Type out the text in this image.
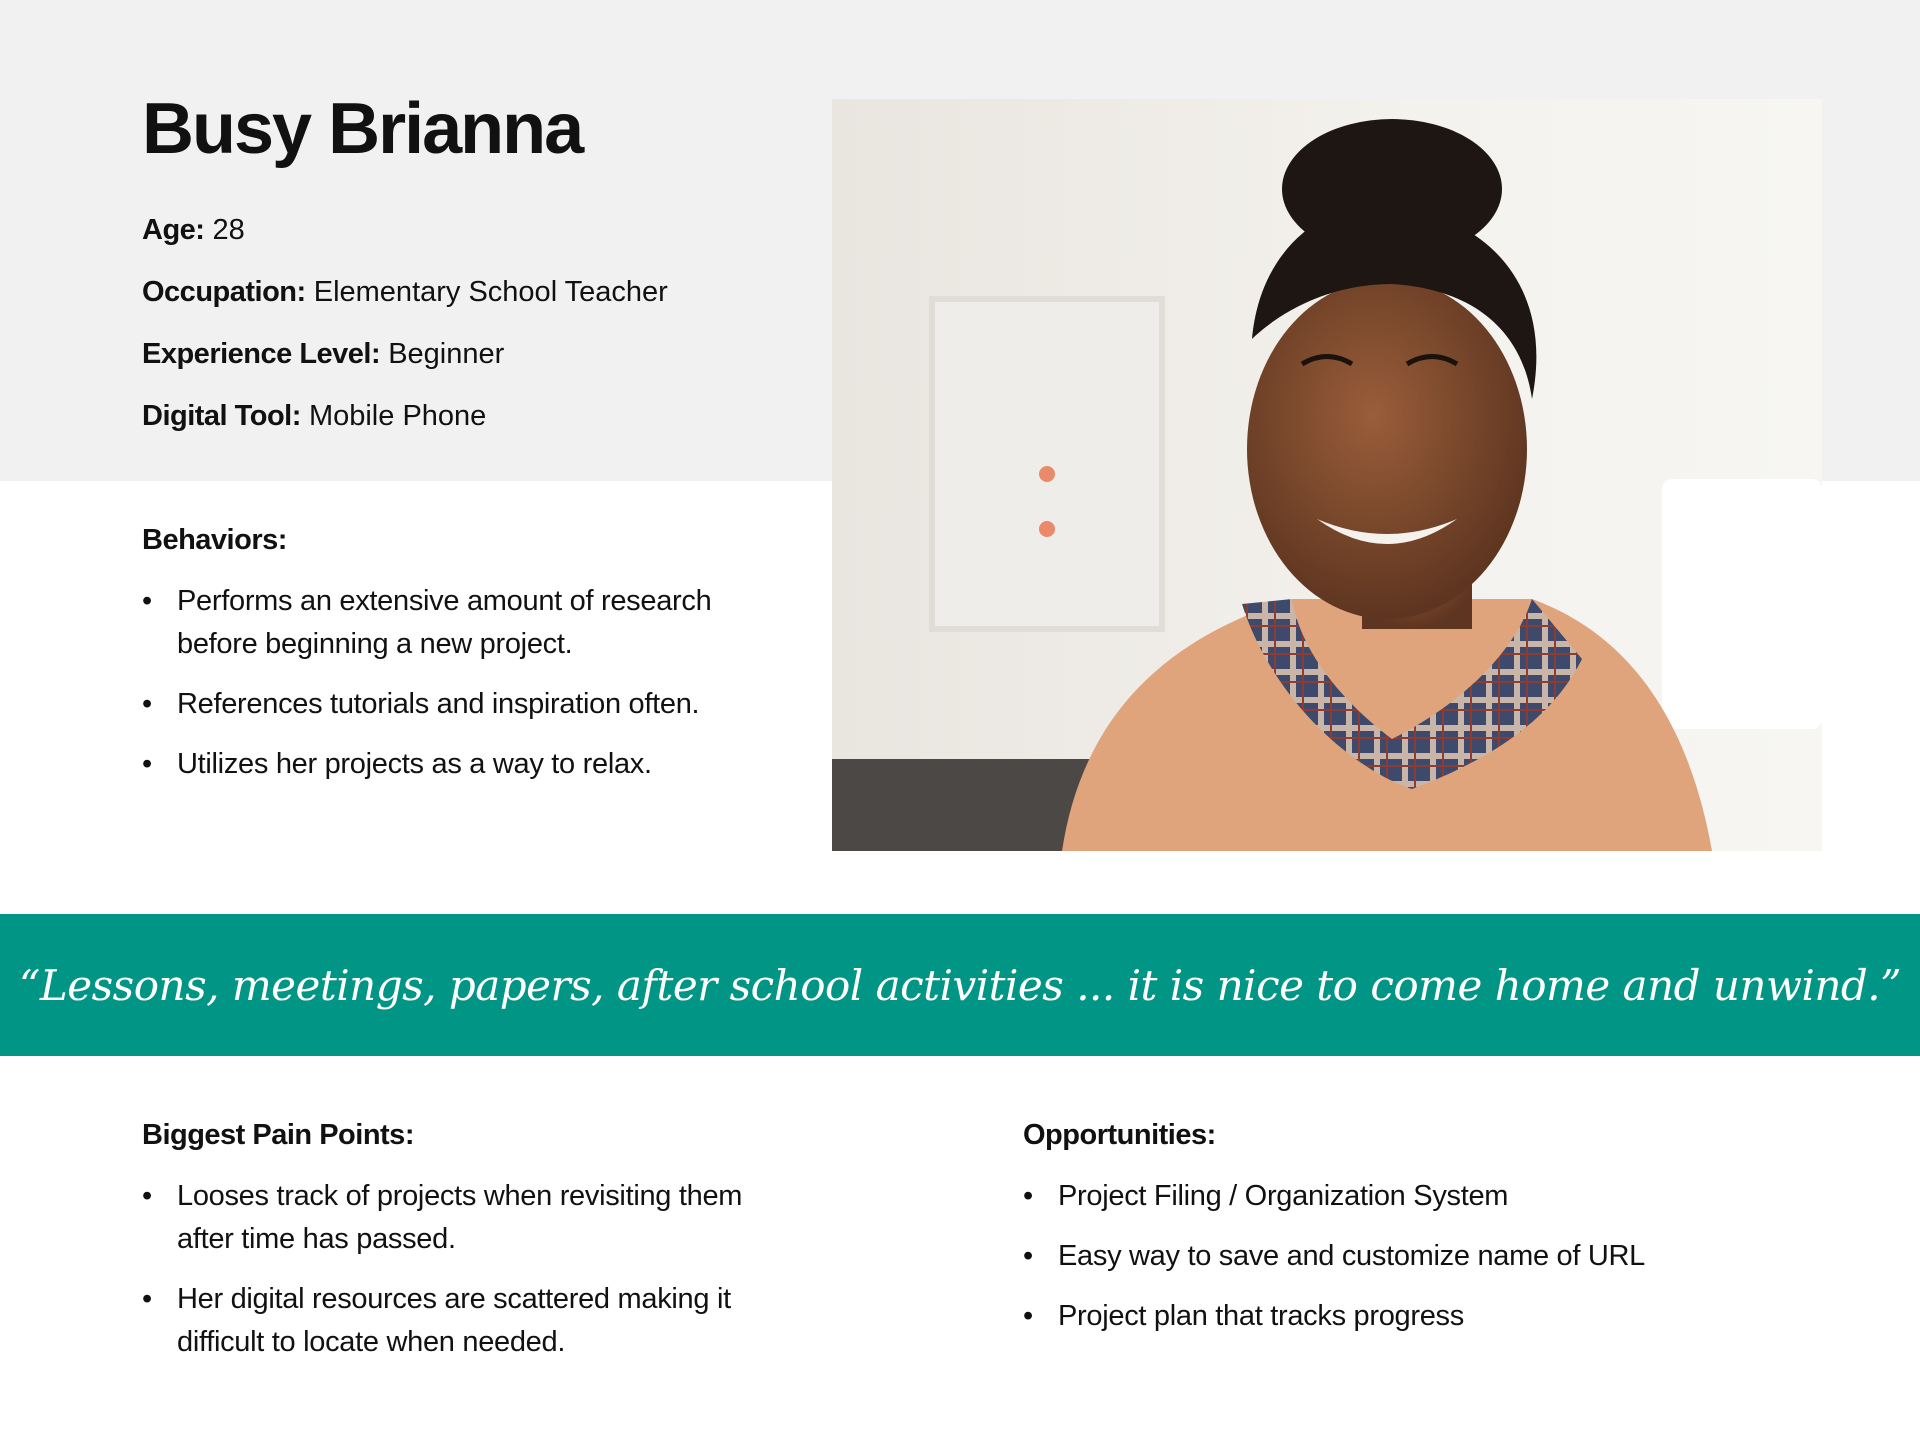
Busy Brianna
Age: 28
Occupation: Elementary School Teacher
Experience Level: Beginner
Digital Tool: Mobile Phone
Behaviors:
• Performs an extensive amount of research before beginning a new project.
• References tutorials and inspiration often.
• Utilizes her projects as a way to relax.

“Lessons, meetings, papers, after school activities ... it is nice to come home and unwind.”

Biggest Pain Points:
• Looses track of projects when revisiting them after time has passed.
• Her digital resources are scattered making it difficult to locate when needed.
Opportunities:
• Project Filing / Organization System
• Easy way to save and customize name of URL
• Project plan that tracks progress
